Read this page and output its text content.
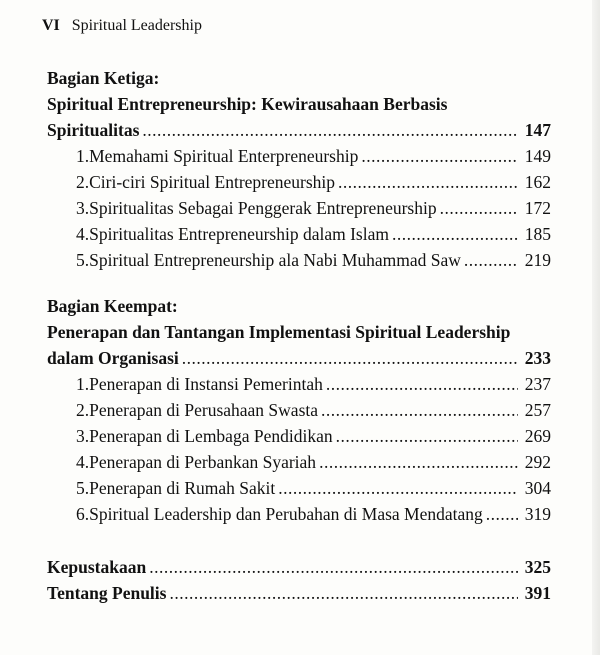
VI Spiritual Leadership
Bagian Ketiga:
Spiritual Entrepreneurship: Kewirausahaan Berbasis
Spiritualitas .....	147
1. Memahami Spiritual Enterpreneurship .....	149
2. Ciri-ciri Spiritual Entrepreneurship .....	162
3. Spiritualitas Sebagai Penggerak Entrepreneurship .....	172
4. Spiritualitas Entrepreneurship dalam Islam .....	185
5. Spiritual Entrepreneurship ala Nabi Muhammad Saw .....	219
Bagian Keempat:
Penerapan dan Tantangan Implementasi Spiritual Leadership
dalam Organisasi .....	233
1. Penerapan di Instansi Pemerintah .....	237
2. Penerapan di Perusahaan Swasta .....	257
3. Penerapan di Lembaga Pendidikan .....	269
4. Penerapan di Perbankan Syariah .....	292
5. Penerapan di Rumah Sakit .....	304
6. Spiritual Leadership dan Perubahan di Masa Mendatang ..... 319
Kepustakaan .....	325
Tentang Penulis .....	391
